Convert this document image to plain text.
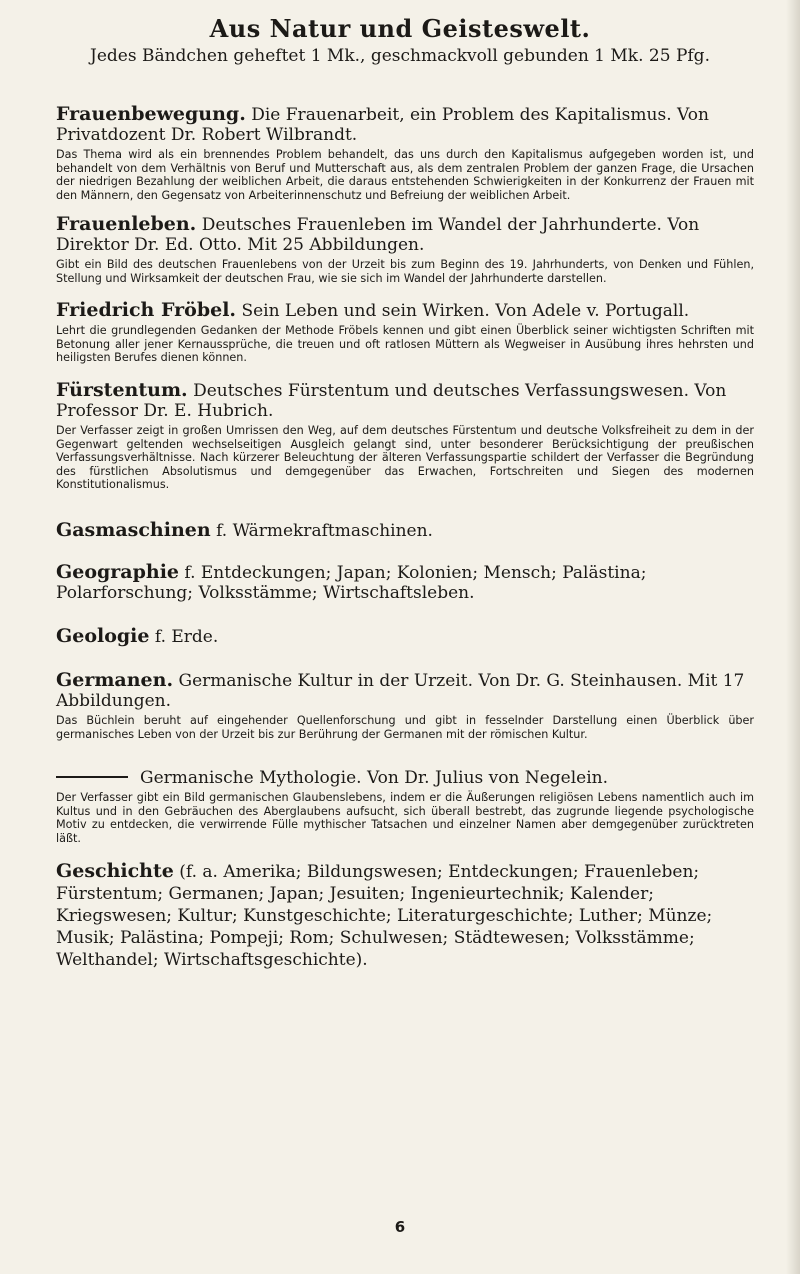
Aus Natur und Geisteswelt.
Jedes Bändchen geheftet 1 Mk., geschmackvoll gebunden 1 Mk. 25 Pfg.

Frauenbewegung. Die Frauenarbeit, ein Problem des Kapitalismus. Von Privatdozent Dr. Robert Wilbrandt.

Das Thema wird als ein brennendes Problem behandelt, das uns durch den Kapitalismus aufgegeben worden ist, und behandelt von dem Verhältnis von Beruf und Mutterschaft aus, als dem zentralen Problem der ganzen Frage, die Ursachen der niedrigen Bezahlung der weiblichen Arbeit, die daraus entstehenden Schwierigkeiten in der Konkurrenz der Frauen mit den Männern, den Gegensatz von Arbeiterinnenschutz und Befreiung der weiblichen Arbeit.

Frauenleben. Deutsches Frauenleben im Wandel der Jahrhunderte. Von Direktor Dr. Ed. Otto. Mit 25 Abbildungen.

Gibt ein Bild des deutschen Frauenlebens von der Urzeit bis zum Beginn des 19. Jahrhunderts, von Denken und Fühlen, Stellung und Wirksamkeit der deutschen Frau, wie sie sich im Wandel der Jahrhunderte darstellen.

Friedrich Fröbel. Sein Leben und sein Wirken. Von Adele v. Portugall.

Lehrt die grundlegenden Gedanken der Methode Fröbels kennen und gibt einen Überblick seiner wichtigsten Schriften mit Betonung aller jener Kernaussprüche, die treuen und oft ratlosen Müttern als Wegweiser in Ausübung ihres hehrsten und heiligsten Berufes dienen können.

Fürstentum. Deutsches Fürstentum und deutsches Verfassungswesen. Von Professor Dr. E. Hubrich.

Der Verfasser zeigt in großen Umrissen den Weg, auf dem deutsches Fürstentum und deutsche Volksfreiheit zu dem in der Gegenwart geltenden wechselseitigen Ausgleich gelangt sind, unter besonderer Berücksichtigung der preußischen Verfassungsverhältnisse. Nach kürzerer Beleuchtung der älteren Verfassungspartie schildert der Verfasser die Begründung des fürstlichen Absolutismus und demgegenüber das Erwachen, Fortschreiten und Siegen des modernen Konstitutionalismus.

Gasmaschinen f. Wärmekraftmaschinen.

Geographie f. Entdeckungen; Japan; Kolonien; Mensch; Palästina; Polarforschung; Volksstämme; Wirtschaftsleben.

Geologie f. Erde.

Germanen. Germanische Kultur in der Urzeit. Von Dr. G. Steinhausen. Mit 17 Abbildungen.

Das Büchlein beruht auf eingehender Quellenforschung und gibt in fesselnder Darstellung einen Überblick über germanisches Leben von der Urzeit bis zur Berührung der Germanen mit der römischen Kultur.

Germanische Mythologie. Von Dr. Julius von Negelein.

Der Verfasser gibt ein Bild germanischen Glaubenslebens, indem er die Äußerungen religiösen Lebens namentlich auch im Kultus und in den Gebräuchen des Aberglaubens aufsucht, sich überall bestrebt, das zugrunde liegende psychologische Motiv zu entdecken, die verwirrende Fülle mythischer Tatsachen und einzelner Namen aber demgegenüber zurücktreten läßt.

Geschichte (f. a. Amerika; Bildungswesen; Entdeckungen; Frauenleben; Fürstentum; Germanen; Japan; Jesuiten; Ingenieurtechnik; Kalender; Kriegswesen; Kultur; Kunstgeschichte; Literaturgeschichte; Luther; Münze; Musik; Palästina; Pompeji; Rom; Schulwesen; Städtewesen; Volksstämme; Welthandel; Wirtschaftsgeschichte).

6
